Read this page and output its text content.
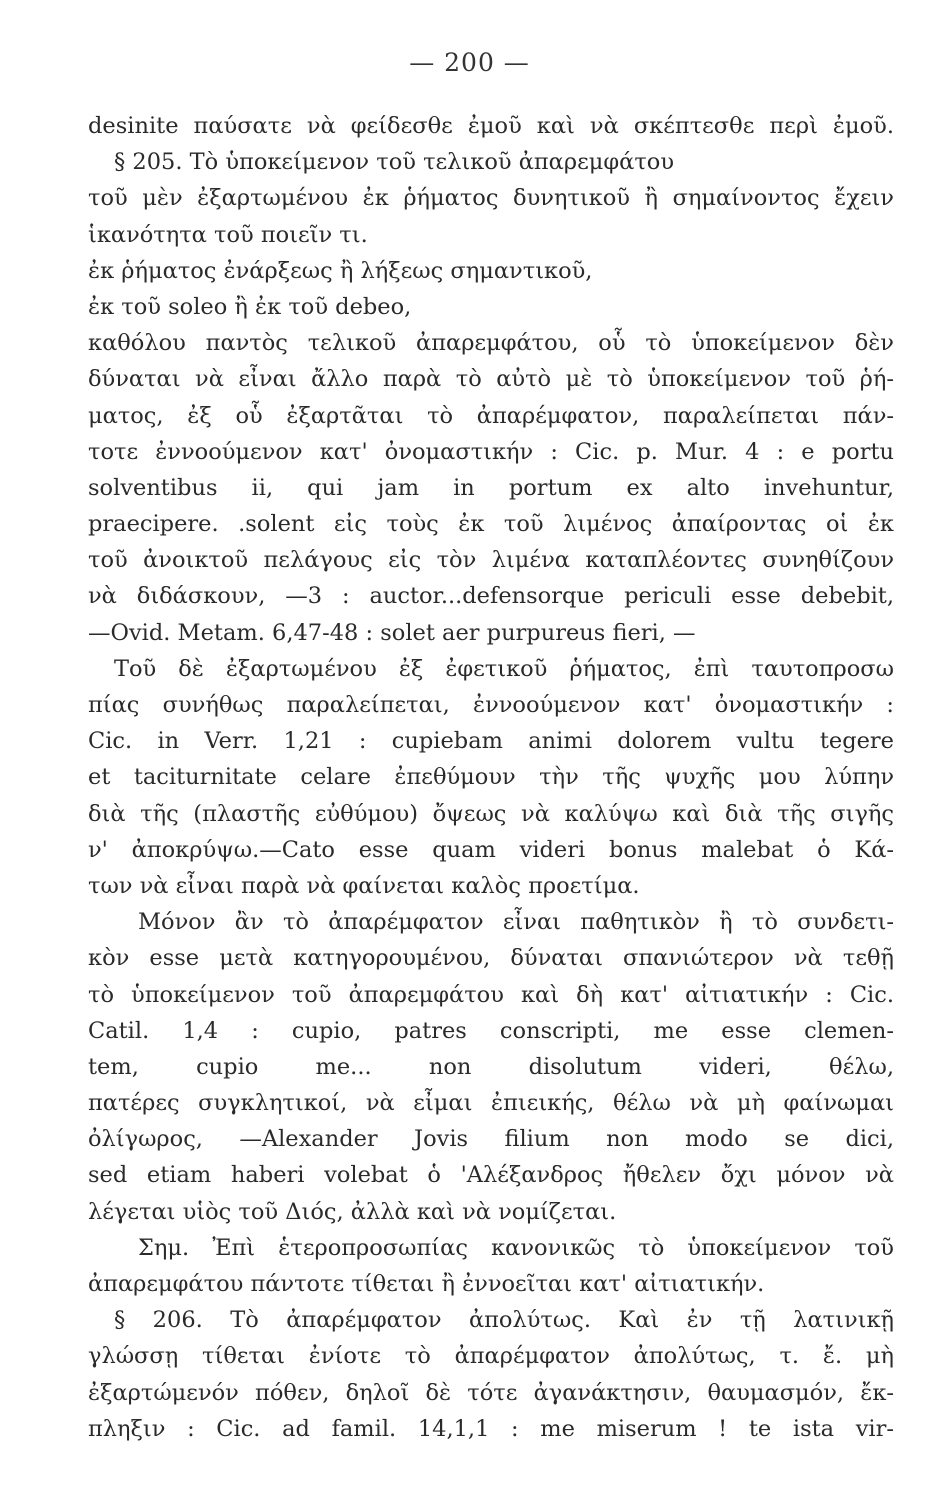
— 200 —
desinite παύσατε νὰ φείδεσθε ἐμοῦ καὶ νὰ σκέπτεσθε περὶ ἐμοῦ.
§ 205. Τὸ ὑποκείμενον τοῦ τελικοῦ ἀπαρεμφάτου
τοῦ μὲν ἐξαρτωμένου ἐκ ῥήματος δυνητικοῦ ἢ σημαίνοντος ἔχειν
ἱκανότητα τοῦ ποιεῖν τι.
ἐκ ῥήματος ἐνάρξεως ἢ λήξεως σημαντικοῦ,
ἐκ τοῦ soleo ἢ ἐκ τοῦ debeo,
καθόλου παντὸς τελικοῦ ἀπαρεμφάτου, οὗ τὸ ὑποκείμενον δὲν
δύναται νὰ εἶναι ἄλλο παρὰ τὸ αὐτὸ μὲ τὸ ὑποκείμενον τοῦ ῥή-
ματος, ἐξ οὗ ἐξαρτᾶται τὸ ἀπαρέμφατον, παραλείπεται πάν-
τοτε ἐννοούμενον κατ' ὀνομαστικήν : Cic. p. Mur. 4 : e portu
solventibus ii, qui jam in portum ex alto invehuntur,
praecipere. .solent εἰς τοὺς ἐκ τοῦ λιμένος ἀπαίροντας οἱ ἐκ
τοῦ ἀνοικτοῦ πελάγους εἰς τὸν λιμένα καταπλέοντες συνηθίζουν
νὰ διδάσκουν, —3 : auctor...defensorque periculi esse debebit,
—Ovid. Metam. 6,47-48 : solet aer purpureus fieri, —
Τοῦ δὲ ἐξαρτωμένου ἐξ ἐφετικοῦ ῥήματος, ἐπὶ ταυτοπροσω
πίας συνήθως παραλείπεται, ἐννοούμενον κατ' ὀνομαστικήν :
Cic. in Verr. 1,21 : cupiebam animi dolorem vultu tegere
et taciturnitate celare ἐπεθύμουν τὴν τῆς ψυχῆς μου λύπην
διὰ τῆς (πλαστῆς εὐθύμου) ὄψεως νὰ καλύψω καὶ διὰ τῆς σιγῆς
ν' ἀποκρύψω.—Cato esse quam videri bonus malebat ὁ Κά-
των νὰ εἶναι παρὰ νὰ φαίνεται καλὸς προετίμα.
Μόνον ἂν τὸ ἀπαρέμφατον εἶναι παθητικὸν ἢ τὸ συνδετι-
κὸν esse μετὰ κατηγορουμένου, δύναται σπανιώτερον νὰ τεθῇ
τὸ ὑποκείμενον τοῦ ἀπαρεμφάτου καὶ δὴ κατ' αἰτιατικήν : Cic.
Catil. 1,4 : cupio, patres conscripti, me esse clemen-
tem, cupio me... non disolutum videri, θέλω,
πατέρες συγκλητικοί, νὰ εἶμαι ἐπιεικής, θέλω νὰ μὴ φαίνωμαι
ὀλίγωρος, —Alexander Jovis filium non modo se dici,
sed etiam haberi volebat ὁ 'Αλέξανδρος ἤθελεν ὄχι μόνον νὰ
λέγεται υἱὸς τοῦ Διός, ἀλλὰ καὶ νὰ νομίζεται.
Σημ. Ἐπὶ ἑτεροπροσωπίας κανονικῶς τὸ ὑποκείμενον τοῦ
ἀπαρεμφάτου πάντοτε τίθεται ἢ ἐννοεῖται κατ' αἰτιατικήν.
§ 206. Τὸ ἀπαρέμφατον ἀπολύτως. Καὶ ἐν τῇ λατινικῇ
γλώσσῃ τίθεται ἐνίοτε τὸ ἀπαρέμφατον ἀπολύτως, τ. ἔ. μὴ
ἐξαρτώμενόν πόθεν, δηλοῖ δὲ τότε ἀγανάκτησιν, θαυμασμόν, ἔκ-
πληξιν : Cic. ad famil. 14,1,1 : me miserum ! te ista vir-
